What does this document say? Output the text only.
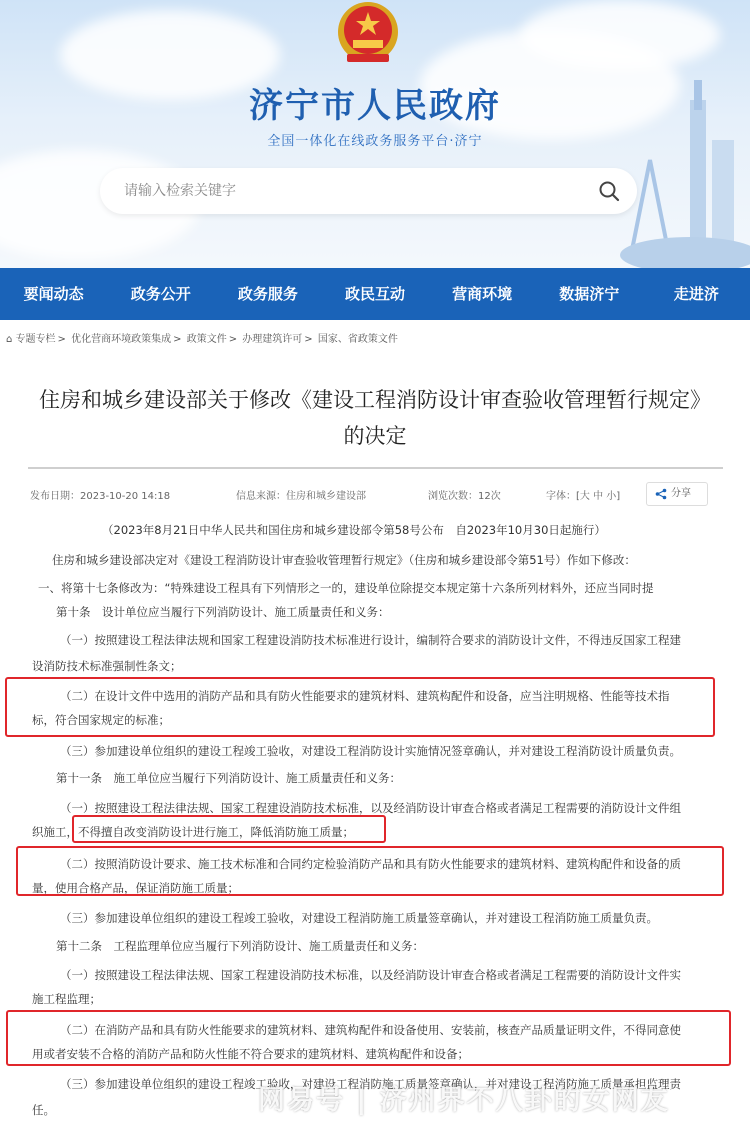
济宁市人民政府
全国一体化在线政务服务平台·济宁
请输入检索关键字
要闻动态	政务公开	政务服务	政民互动	营商环境	数据济宁	走进济
⌂ 专题专栏 > 优化营商环境政策集成 > 政策文件 > 办理建筑许可 > 国家、省政策文件
住房和城乡建设部关于修改《建设工程消防设计审查验收管理暂行规定》
的决定
发布日期：2023-10-20 14:18	信息来源：住房和城乡建设部	浏览次数：12次	字体：[大 中 小]	分享
（2023年8月21日中华人民共和国住房和城乡建设部令第58号公布　自2023年10月30日起施行）
住房和城乡建设部决定对《建设工程消防设计审查验收管理暂行规定》（住房和城乡建设部令第51号）作如下修改：
一、将第十七条修改为：“特殊建设工程具有下列情形之一的，建设单位除提交本规定第十六条所列材料外，还应当同时提
第十条　设计单位应当履行下列消防设计、施工质量责任和义务：
（一）按照建设工程法律法规和国家工程建设消防技术标准进行设计，编制符合要求的消防设计文件，不得违反国家工程建
设消防技术标准强制性条文；
（二）在设计文件中选用的消防产品和具有防火性能要求的建筑材料、建筑构配件和设备，应当注明规格、性能等技术指
标，符合国家规定的标准；
（三）参加建设单位组织的建设工程竣工验收，对建设工程消防设计实施情况签章确认，并对建设工程消防设计质量负责。
第十一条　施工单位应当履行下列消防设计、施工质量责任和义务：
（一）按照建设工程法律法规、国家工程建设消防技术标准，以及经消防设计审查合格或者满足工程需要的消防设计文件组
织施工，不得擅自改变消防设计进行施工，降低消防施工质量；
（二）按照消防设计要求、施工技术标准和合同约定检验消防产品和具有防火性能要求的建筑材料、建筑构配件和设备的质
量，使用合格产品，保证消防施工质量；
（三）参加建设单位组织的建设工程竣工验收，对建设工程消防施工质量签章确认，并对建设工程消防施工质量负责。
第十二条　工程监理单位应当履行下列消防设计、施工质量责任和义务：
（一）按照建设工程法律法规、国家工程建设消防技术标准，以及经消防设计审查合格或者满足工程需要的消防设计文件实
施工程监理；
（二）在消防产品和具有防火性能要求的建筑材料、建筑构配件和设备使用、安装前，核查产品质量证明文件，不得同意使
用或者安装不合格的消防产品和防火性能不符合要求的建筑材料、建筑构配件和设备；
（三）参加建设单位组织的建设工程竣工验收，对建设工程消防施工质量签章确认，并对建设工程消防施工质量承担监理责
任。	网易号 | 济州界不八卦的女网友
